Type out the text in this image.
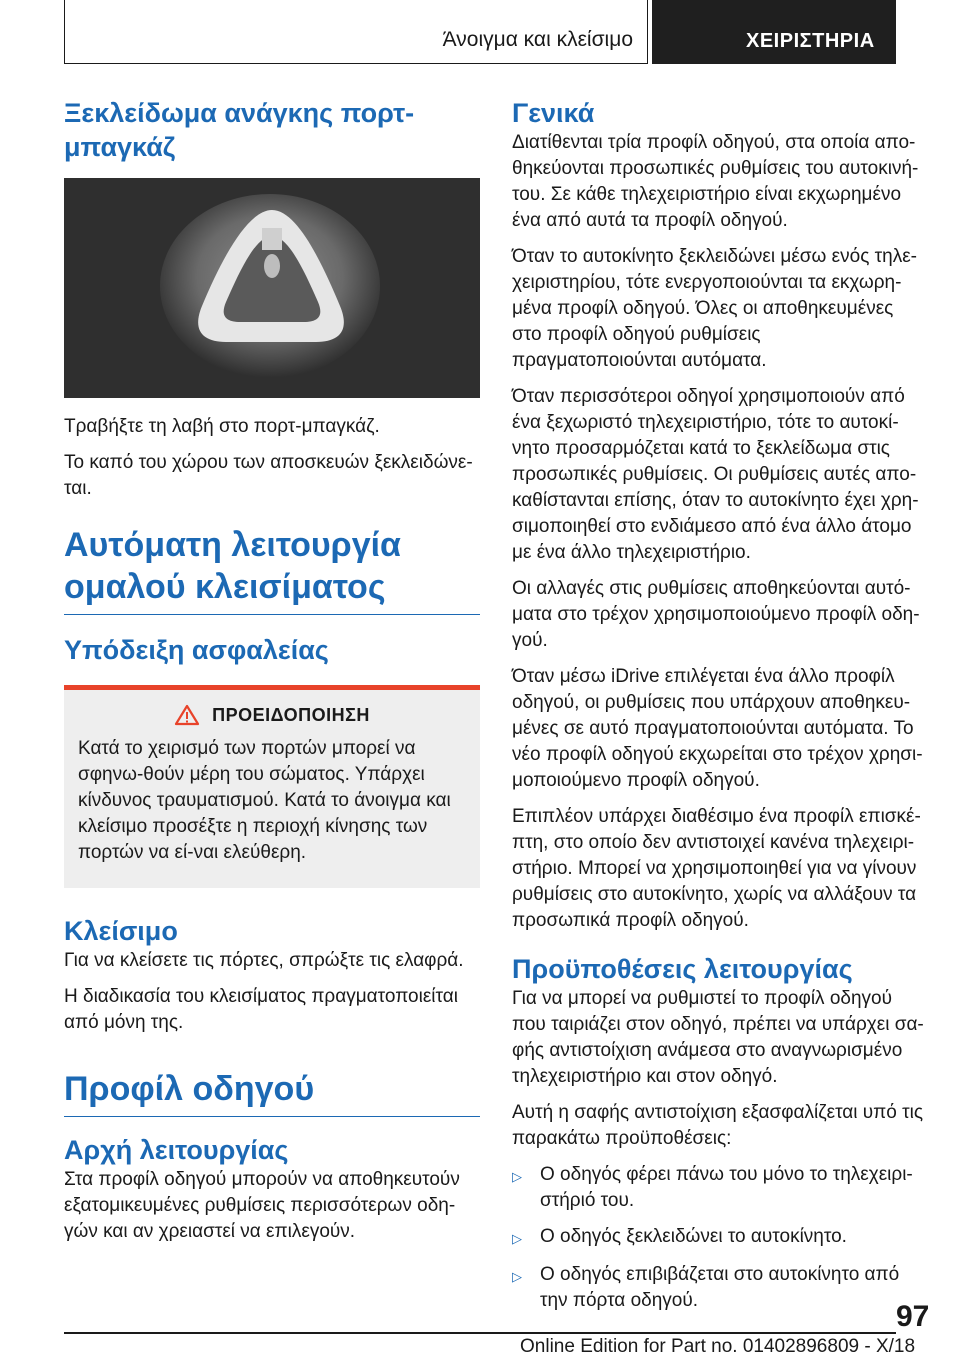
Άνοιγμα και κλείσιμο	ΧΕΙΡΙΣΤΗΡΙΑ
Ξεκλείδωμα ανάγκης πορτ-μπαγκάζ

Τραβήξτε τη λαβή στο πορτ-μπαγκάζ.

Το καπό του χώρου των αποσκευών ξεκλειδώνε-ται.

Αυτόματη λειτουργία ομαλού κλεισίματος
Υπόδειξη ασφαλείας
ΠΡΟΕΙΔΟΠΟΙΗΣΗ

Κατά το χειρισμό των πορτών μπορεί να σφηνω-θούν μέρη του σώματος. Υπάρχει κίνδυνος τραυματισμού. Κατά το άνοιγμα και κλείσιμο προσέξτε η περιοχή κίνησης των πορτών να εί-ναι ελεύθερη.

Κλείσιμο

Για να κλείσετε τις πόρτες, σπρώξτε τις ελαφρά.

Η διαδικασία του κλεισίματος πραγματοποιείται από μόνη της.

Προφίλ οδηγού
Αρχή λειτουργίας

Στα προφίλ οδηγού μπορούν να αποθηκευτούν εξατομικευμένες ρυθμίσεις περισσότερων οδη-γών και αν χρειαστεί να επιλεγούν.

Γενικά

Διατίθενται τρία προφίλ οδηγού, στα οποία απο-θηκεύονται προσωπικές ρυθμίσεις του αυτοκινή-του. Σε κάθε τηλεχειριστήριο είναι εκχωρημένο ένα από αυτά τα προφίλ οδηγού.

Όταν το αυτοκίνητο ξεκλειδώνει μέσω ενός τηλε-χειριστηρίου, τότε ενεργοποιούνται τα εκχωρη-μένα προφίλ οδηγού. Όλες οι αποθηκευμένες στο προφίλ οδηγού ρυθμίσεις πραγματοποιούνται αυτόματα.

Όταν περισσότεροι οδηγοί χρησιμοποιούν από ένα ξεχωριστό τηλεχειριστήριο, τότε το αυτοκί-νητο προσαρμόζεται κατά το ξεκλείδωμα στις προσωπικές ρυθμίσεις. Οι ρυθμίσεις αυτές απο-καθίστανται επίσης, όταν το αυτοκίνητο έχει χρη-σιμοποιηθεί στο ενδιάμεσο από ένα άλλο άτομο με ένα άλλο τηλεχειριστήριο.

Οι αλλαγές στις ρυθμίσεις αποθηκεύονται αυτό-ματα στο τρέχον χρησιμοποιούμενο προφίλ οδη-γού.

Όταν μέσω iDrive επιλέγεται ένα άλλο προφίλ οδηγού, οι ρυθμίσεις που υπάρχουν αποθηκευ-μένες σε αυτό πραγματοποιούνται αυτόματα. Το νέο προφίλ οδηγού εκχωρείται στο τρέχον χρησι-μοποιούμενο προφίλ οδηγού.

Επιπλέον υπάρχει διαθέσιμο ένα προφίλ επισκέ-πτη, στο οποίο δεν αντιστοιχεί κανένα τηλεχειρι-στήριο. Μπορεί να χρησιμοποιηθεί για να γίνουν ρυθμίσεις στο αυτοκίνητο, χωρίς να αλλάξουν τα προσωπικά προφίλ οδηγού.

Προϋποθέσεις λειτουργίας

Για να μπορεί να ρυθμιστεί το προφίλ οδηγού που ταιριάζει στον οδηγό, πρέπει να υπάρχει σα-φής αντιστοίχιση ανάμεσα στο αναγνωρισμένο τηλεχειριστήριο και στον οδηγό.

Αυτή η σαφής αντιστοίχιση εξασφαλίζεται υπό τις παρακάτω προϋποθέσεις:

▷ Ο οδηγός φέρει πάνω του μόνο το τηλεχειρι-στήριό του.
▷ Ο οδηγός ξεκλειδώνει το αυτοκίνητο.
▷ Ο οδηγός επιβιβάζεται στο αυτοκίνητο από την πόρτα οδηγού.	97
Online Edition for Part no. 01402896809 - X/18
